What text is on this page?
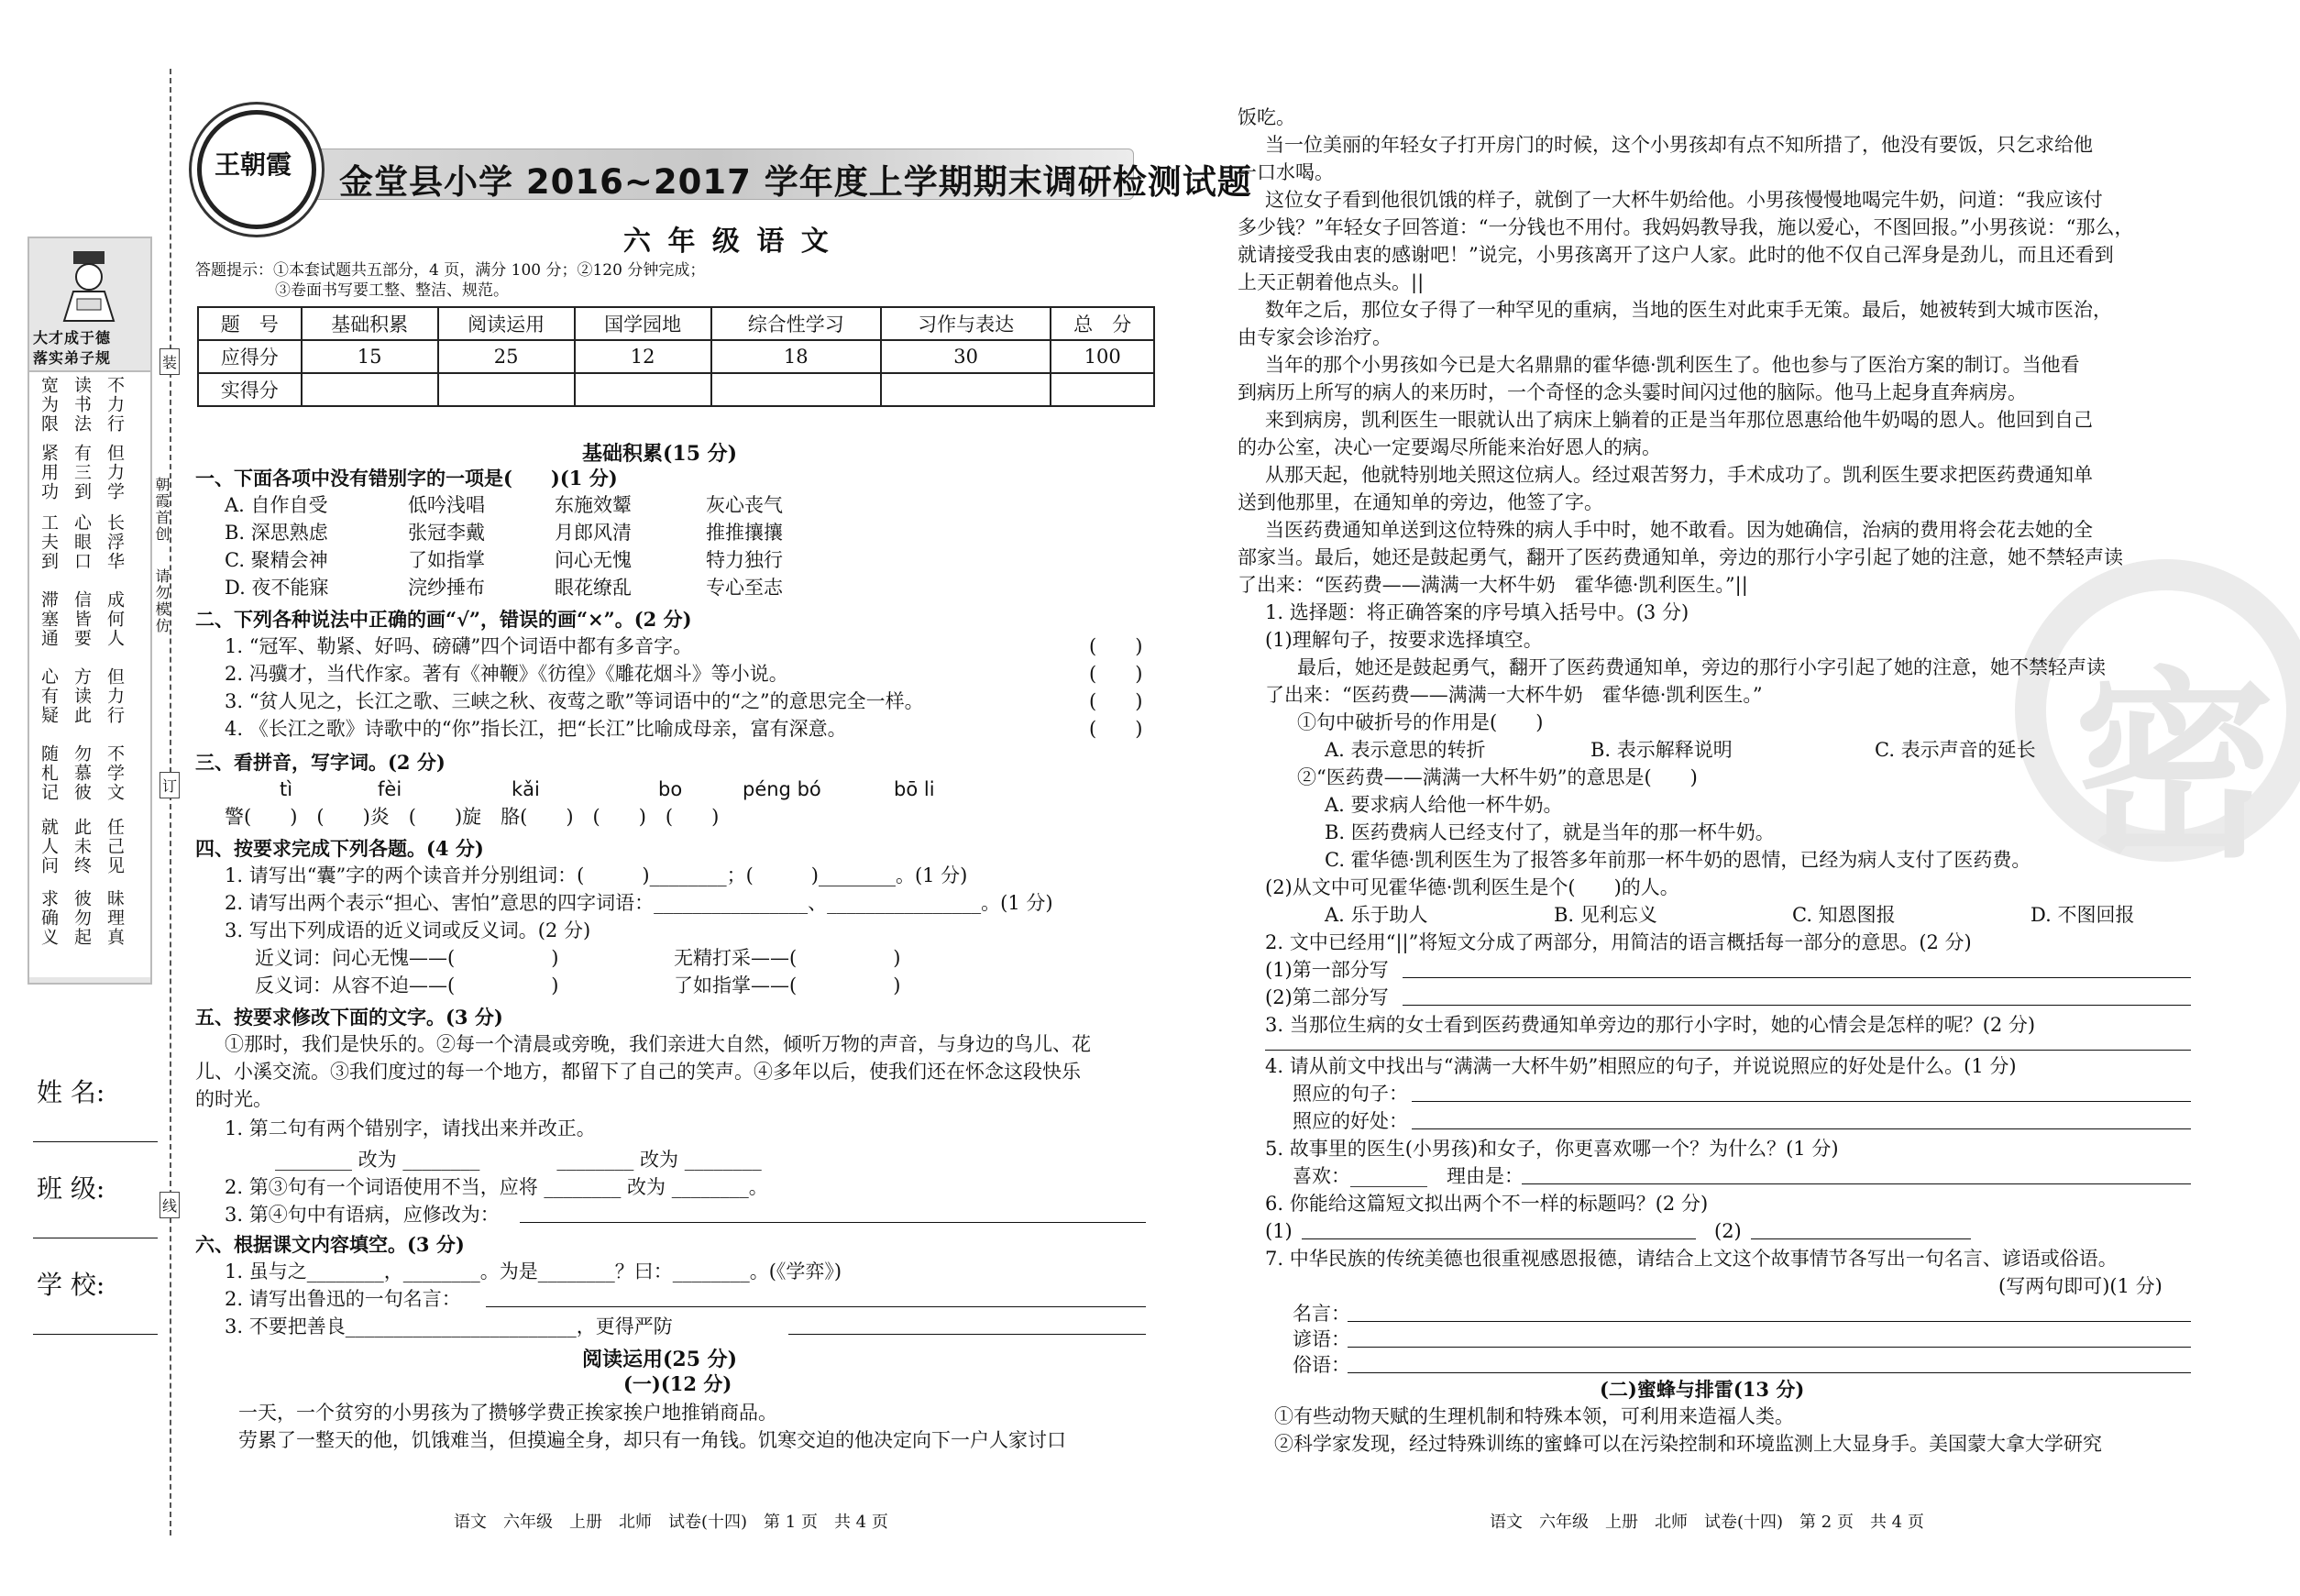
大才成于德
落实弟子规
宽为限 读书法 不力行
紧用功 有三到 但力学
工夫到 心眼口 长浮华
滞塞通 信皆要 成何人
心有疑 方读此 但力行
随札记 勿慕彼 不学文
就人问 此未终 任己见
求确义 彼勿起 昧理真
朝霞首创
请勿模仿
装
订
线
姓 名:
班 级:
学 校:
王朝霞 金堂县小学 2016~2017 学年度上学期期末调研检测试题
六 年 级 语 文
答题提示：①本套试题共五部分，4 页，满分 100 分；②120 分钟完成；
③卷面书写要工整、整洁、规范。
题　号	基础积累	阅读运用	国学园地	综合性学习	习作与表达	总　分
应得分	15	25	12	18	30	100
实得分						
基础积累(15 分)
一、下面各项中没有错别字的一项是(　　)(1 分)
A. 自作自受	低吟浅唱	东施效颦	灰心丧气
B. 深思熟虑	张冠李戴	月郎风清	推推攘攘
C. 聚精会神	了如指掌	问心无愧	特力独行
D. 夜不能寐	浣纱捶布	眼花缭乱	专心至志
二、下列各种说法中正确的画“√”，错误的画“×”。(2 分)
1. “冠军、勒紧、好吗、磅礴”四个词语中都有多音字。	(　　)
2. 冯骥才，当代作家。著有《神鞭》《彷徨》《雕花烟斗》等小说。	(　　)
3. “贫人见之，长江之歌、三峡之秋、夜莺之歌”等词语中的“之”的意思完全一样。	(　　)
4. 《长江之歌》诗歌中的“你”指长江，把“长江”比喻成母亲，富有深意。	(　　)
三、看拼音，写字词。(2 分)
tì	fèi	kǎi	bo	péng bó	bō li
警(　　)　(　　)炎　(　　)旋　胳(　　)　(　　)　(　　)
四、按要求完成下列各题。(4 分)
1. 请写出“囊”字的两个读音并分别组词：(　　　)________；(　　　)________。(1 分)
2. 请写出两个表示“担心、害怕”意思的四字词语：________________、________________。(1 分)
3. 写出下列成语的近义词或反义词。(2 分)
近义词：问心无愧——(　　　　　)	无精打采——(　　　　　)
反义词：从容不迫——(　　　　　)	了如指掌——(　　　　　)
五、按要求修改下面的文字。(3 分)
①那时，我们是快乐的。②每一个清晨或旁晚，我们亲进大自然，倾听万物的声音，与身边的鸟儿、花
儿、小溪交流。③我们度过的每一个地方，都留下了自己的笑声。④多年以后，使我们还在怀念这段快乐
的时光。
1. 第二句有两个错别字，请找出来并改正。
________ 改为 ________　　　　________ 改为 ________
2. 第③句有一个词语使用不当，应将 ________ 改为 ________。
3. 第④句中有语病，应修改为：
六、根据课文内容填空。(3 分)
1. 虽与之________，________。为是________？曰：________。(《学弈》)
2. 请写出鲁迅的一句名言：
3. 不要把善良________________________，更得严防
阅读运用(25 分)
(一)(12 分)
一天，一个贫穷的小男孩为了攒够学费正挨家挨户地推销商品。
劳累了一整天的他，饥饿难当，但摸遍全身，却只有一角钱。饥寒交迫的他决定向下一户人家讨口
语文　六年级　上册　北师　试卷(十四)　第 1 页　共 4 页
密
饭吃。
当一位美丽的年轻女子打开房门的时候，这个小男孩却有点不知所措了，他没有要饭，只乞求给他
一口水喝。
这位女子看到他很饥饿的样子，就倒了一大杯牛奶给他。小男孩慢慢地喝完牛奶，问道：“我应该付
多少钱？”年轻女子回答道：“一分钱也不用付。我妈妈教导我，施以爱心，不图回报。”小男孩说：“那么，
就请接受我由衷的感谢吧！”说完，小男孩离开了这户人家。此时的他不仅自己浑身是劲儿，而且还看到
上天正朝着他点头。||
数年之后，那位女子得了一种罕见的重病，当地的医生对此束手无策。最后，她被转到大城市医治，
由专家会诊治疗。
当年的那个小男孩如今已是大名鼎鼎的霍华德·凯利医生了。他也参与了医治方案的制订。当他看
到病历上所写的病人的来历时，一个奇怪的念头霎时间闪过他的脑际。他马上起身直奔病房。
来到病房，凯利医生一眼就认出了病床上躺着的正是当年那位恩惠给他牛奶喝的恩人。他回到自己
的办公室，决心一定要竭尽所能来治好恩人的病。
从那天起，他就特别地关照这位病人。经过艰苦努力，手术成功了。凯利医生要求把医药费通知单
送到他那里，在通知单的旁边，他签了字。
当医药费通知单送到这位特殊的病人手中时，她不敢看。因为她确信，治病的费用将会花去她的全
部家当。最后，她还是鼓起勇气，翻开了医药费通知单，旁边的那行小字引起了她的注意，她不禁轻声读
了出来：“医药费——满满一大杯牛奶　霍华德·凯利医生。”||
1. 选择题：将正确答案的序号填入括号中。(3 分)
(1)理解句子，按要求选择填空。
最后，她还是鼓起勇气，翻开了医药费通知单，旁边的那行小字引起了她的注意，她不禁轻声读
了出来：“医药费——满满一大杯牛奶　霍华德·凯利医生。”
①句中破折号的作用是(　　)
A. 表示意思的转折	B. 表示解释说明	C. 表示声音的延长
②“医药费——满满一大杯牛奶”的意思是(　　)
A. 要求病人给他一杯牛奶。
B. 医药费病人已经支付了，就是当年的那一杯牛奶。
C. 霍华德·凯利医生为了报答多年前那一杯牛奶的恩情，已经为病人支付了医药费。
(2)从文中可见霍华德·凯利医生是个(　　)的人。
A. 乐于助人	B. 见利忘义	C. 知恩图报	D. 不图回报
2. 文中已经用“||”将短文分成了两部分，用简洁的语言概括每一部分的意思。(2 分)
(1)第一部分写
(2)第二部分写
3. 当那位生病的女士看到医药费通知单旁边的那行小字时，她的心情会是怎样的呢？(2 分)
4. 请从前文中找出与“满满一大杯牛奶”相照应的句子，并说说照应的好处是什么。(1 分)
照应的句子：
照应的好处：
5. 故事里的医生(小男孩)和女子，你更喜欢哪一个？为什么？(1 分)
喜欢：________　理由是：
6. 你能给这篇短文拟出两个不一样的标题吗？(2 分)
(1)	(2)
7. 中华民族的传统美德也很重视感恩报德，请结合上文这个故事情节各写出一句名言、谚语或俗语。
(写两句即可)(1 分)
名言：
谚语：
俗语：
(二)蜜蜂与排雷(13 分)
①有些动物天赋的生理机制和特殊本领，可利用来造福人类。
②科学家发现，经过特殊训练的蜜蜂可以在污染控制和环境监测上大显身手。美国蒙大拿大学研究
语文　六年级　上册　北师　试卷(十四)　第 2 页　共 4 页
